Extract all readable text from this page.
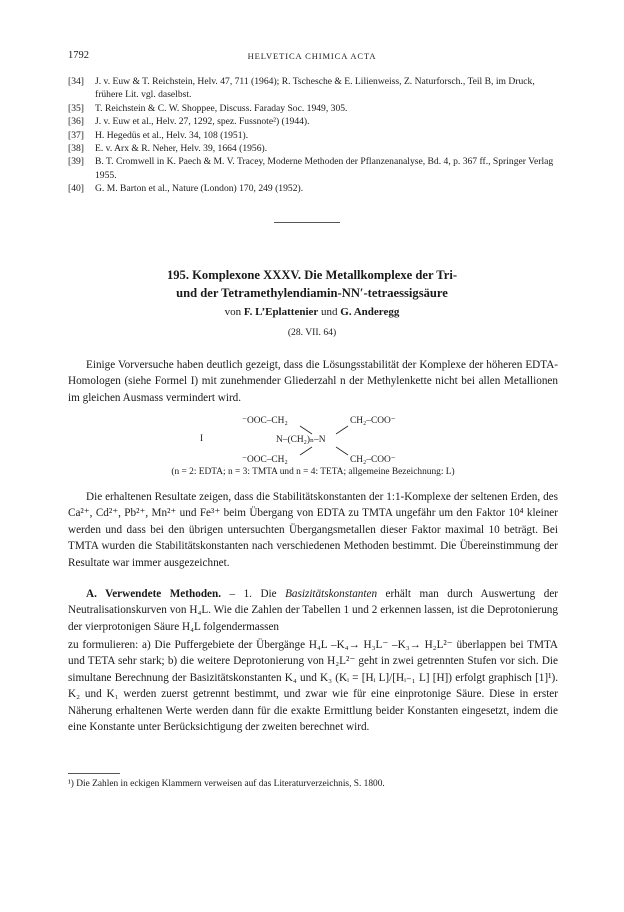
1792	HELVETICA CHIMICA ACTA
[34]	J. v. Euw & T. Reichstein, Helv. 47, 711 (1964); R. Tschesche & E. Lilienweiss, Z. Naturforsch., Teil B, im Druck, frühere Lit. vgl. daselbst.
[35]	T. Reichstein & C. W. Shoppee, Discuss. Faraday Soc. 1949, 305.
[36]	J. v. Euw et al., Helv. 27, 1292, spez. Fussnote²) (1944).
[37]	H. Hegedüs et al., Helv. 34, 108 (1951).
[38]	E. v. Arx & R. Neher, Helv. 39, 1664 (1956).
[39]	B. T. Cromwell in K. Paech & M. V. Tracey, Moderne Methoden der Pflanzenanalyse, Bd. 4, p. 367 ff., Springer Verlag 1955.
[40]	G. M. Barton et al., Nature (London) 170, 249 (1952).
195. Komplexone XXXV. Die Metallkomplexe der Tri-
und der Tetramethylendiamin-NN′-tetraessigsäure
von F. L’Eplattenier und G. Anderegg
(28. VII. 64)
Einige Vorversuche haben deutlich gezeigt, dass die Lösungsstabilität der Komplexe der höheren EDTA-Homologen (siehe Formel I) mit zunehmender Gliederzahl n der Methylenkette nicht bei allen Metallionen im gleichen Ausmass vermindert wird.
I
⁻OOC–CH₂	CH₂–COO⁻
N–(CH₂)ₙ–N
⁻OOC–CH₂	CH₂–COO⁻
(n = 2: EDTA; n = 3: TMTA und n = 4: TETA; allgemeine Bezeichnung: L)
Die erhaltenen Resultate zeigen, dass die Stabilitätskonstanten der 1:1-Komplexe der seltenen Erden, des Ca²⁺, Cd²⁺, Pb²⁺, Mn²⁺ und Fe³⁺ beim Übergang von EDTA zu TMTA ungefähr um den Faktor 10⁴ kleiner werden und dass bei den übrigen untersuchten Übergangsmetallen dieser Faktor maximal 10 beträgt. Bei TMTA wurden die Stabilitätskonstanten nach verschiedenen Methoden bestimmt. Die Übereinstimmung der Resultate war immer ausgezeichnet.
A. Verwendete Methoden. – 1. Die Basizitätskonstanten erhält man durch Auswertung der Neutralisationskurven von H₄L. Wie die Zahlen der Tabellen 1 und 2 erkennen lassen, ist die Deprotonierung der vierprotonigen Säure H₄L folgendermassen
zu formulieren: a) Die Puffergebiete der Übergänge H₄L –K₄→ H₃L⁻ –K₃→ H₂L²⁻ überlappen bei TMTA und TETA sehr stark; b) die weitere Deprotonierung von H₂L²⁻ geht in zwei getrennten Stufen vor sich. Die simultane Berechnung der Basizitätskonstanten K₄ und K₃ (Kᵢ = [Hᵢ L]/[Hᵢ₋₁ L] [H]) erfolgt graphisch [1]¹). K₂ und K₁ werden zuerst getrennt bestimmt, und zwar wie für eine einprotonige Säure. Diese in erster Näherung erhaltenen Werte werden dann für die exakte Ermittlung beider Konstanten eingesetzt, indem die eine Konstante unter Berücksichtigung der zweiten berechnet wird.
¹) Die Zahlen in eckigen Klammern verweisen auf das Literaturverzeichnis, S. 1800.
